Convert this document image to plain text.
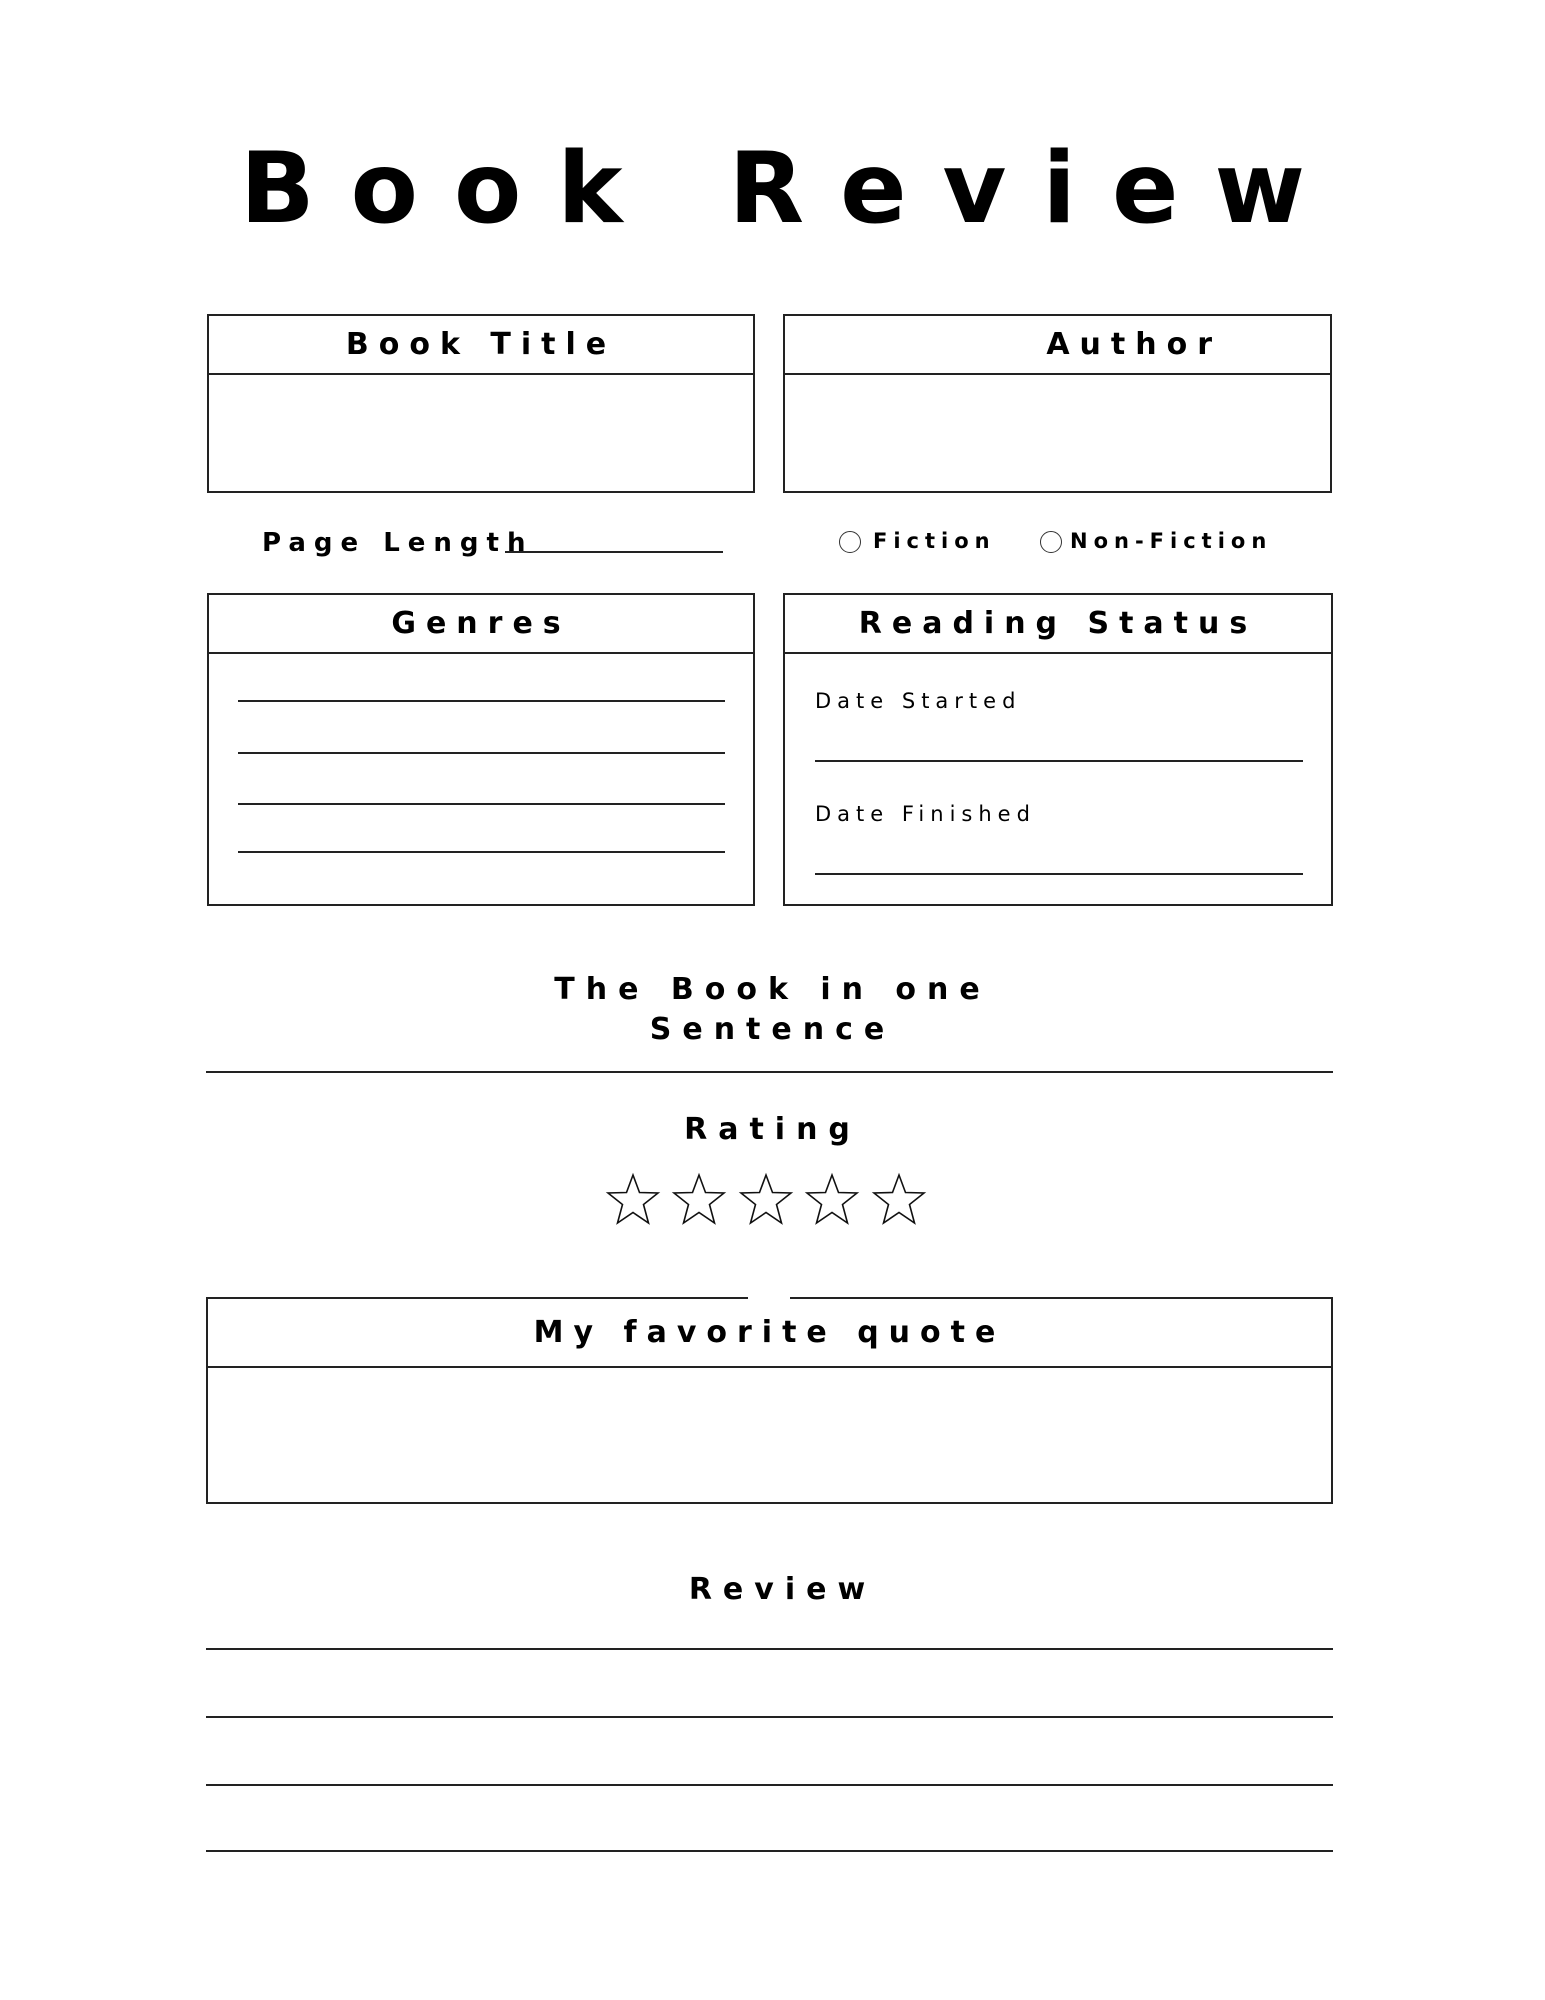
Book Review
Book Title	Author
Page Length	Fiction	Non-Fiction
Genres	Reading Status
Date Started
Date Finished
The Book in one
Sentence
Rating
My favorite quote
Review
